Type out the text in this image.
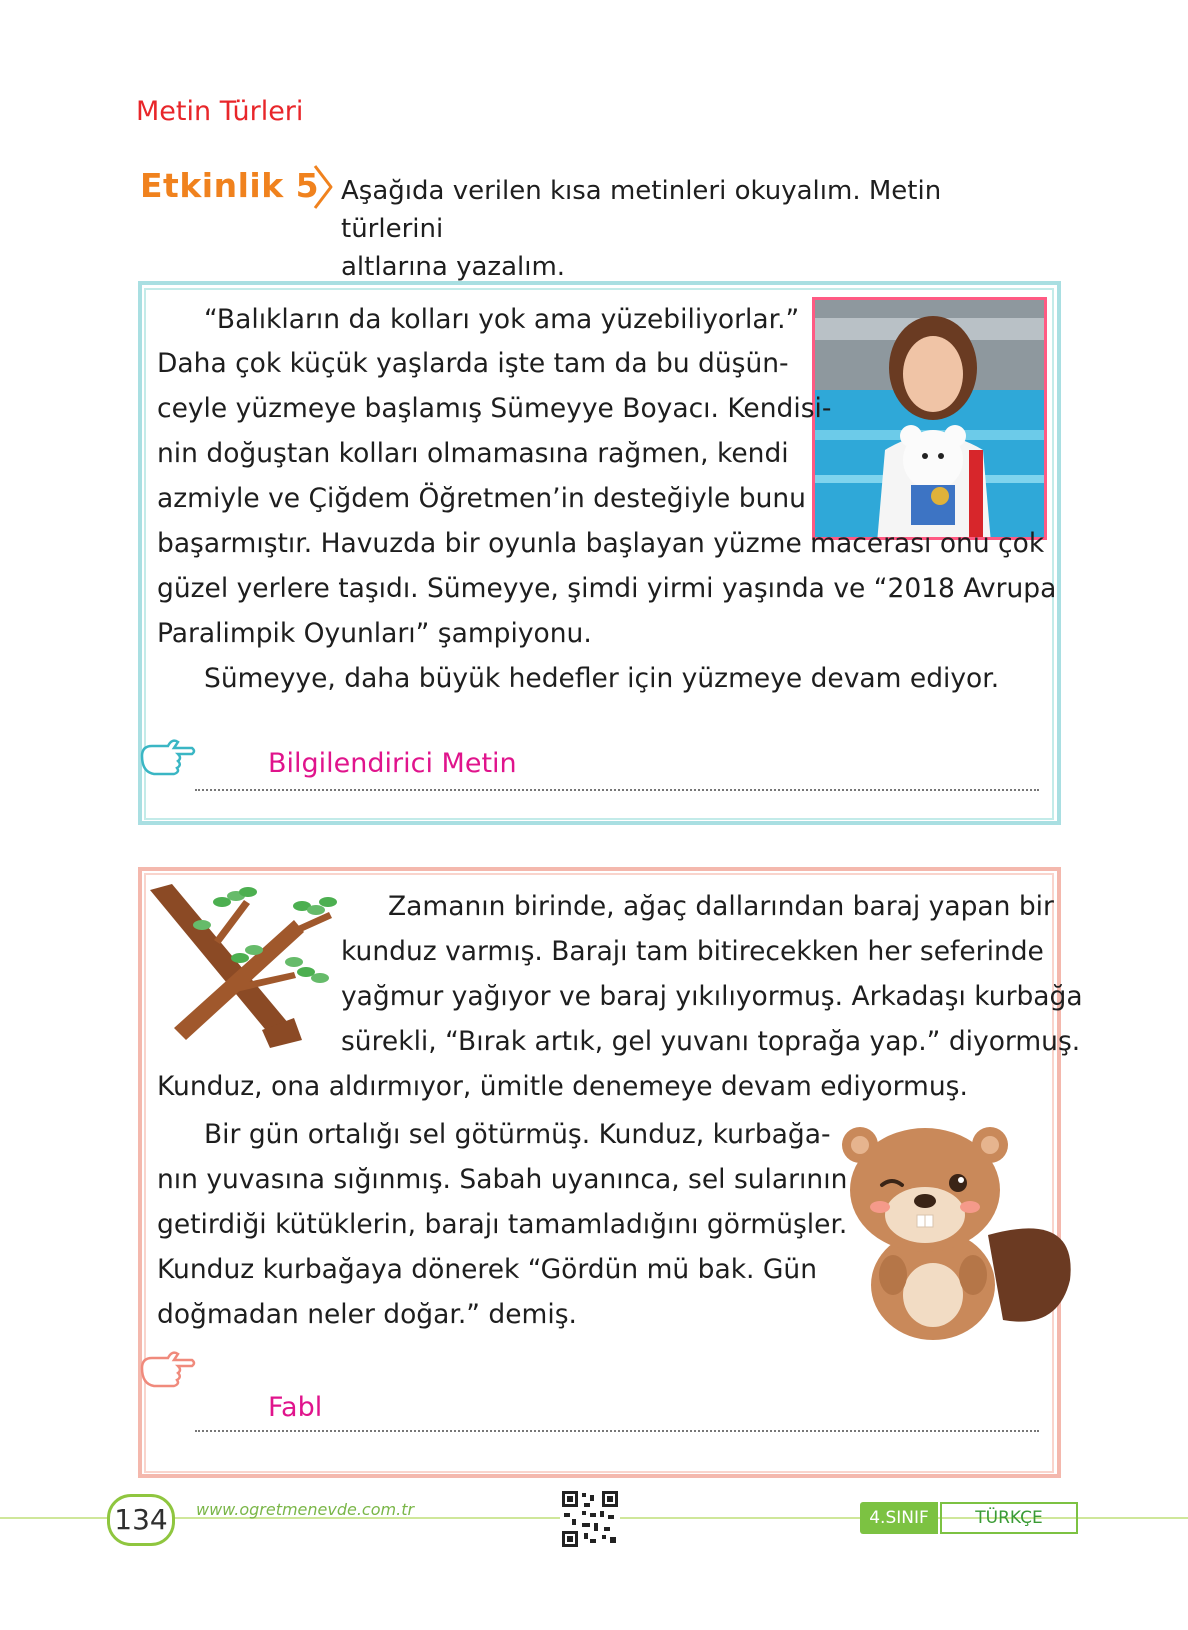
Metin Türleri
Etkinlik 5 Aşağıda verilen kısa metinleri okuyalım. Metin türlerini
altlarına yazalım.
“Balıkların da kolları yok ama yüzebiliyorlar.”
Daha çok küçük yaşlarda işte tam da bu düşün-
ceyle yüzmeye başlamış Sümeyye Boyacı. Kendisi-
nin doğuştan kolları olmamasına rağmen, kendi
azmiyle ve Çiğdem Öğretmen’in desteğiyle bunu
başarmıştır. Havuzda bir oyunla başlayan yüzme macerası onu çok
güzel yerlere taşıdı. Sümeyye, şimdi yirmi yaşında ve “2018 Avrupa
Paralimpik Oyunları” şampiyonu.
Sümeyye, daha büyük hedefler için yüzmeye devam ediyor.
Bilgilendirici Metin
Zamanın birinde, ağaç dallarından baraj yapan bir
kunduz varmış. Barajı tam bitirecekken her seferinde
yağmur yağıyor ve baraj yıkılıyormuş. Arkadaşı kurbağa
sürekli, “Bırak artık, gel yuvanı toprağa yap.” diyormuş.
Kunduz, ona aldırmıyor, ümitle denemeye devam ediyormuş.
Bir gün ortalığı sel götürmüş. Kunduz, kurbağa-
nın yuvasına sığınmış. Sabah uyanınca, sel sularının
getirdiği kütüklerin, barajı tamamladığını görmüşler.
Kunduz kurbağaya dönerek “Gördün mü bak. Gün
doğmadan neler doğar.” demiş.
Fabl
134	www.ogretmenevde.com.tr	4.SINIF	TÜRKÇE
